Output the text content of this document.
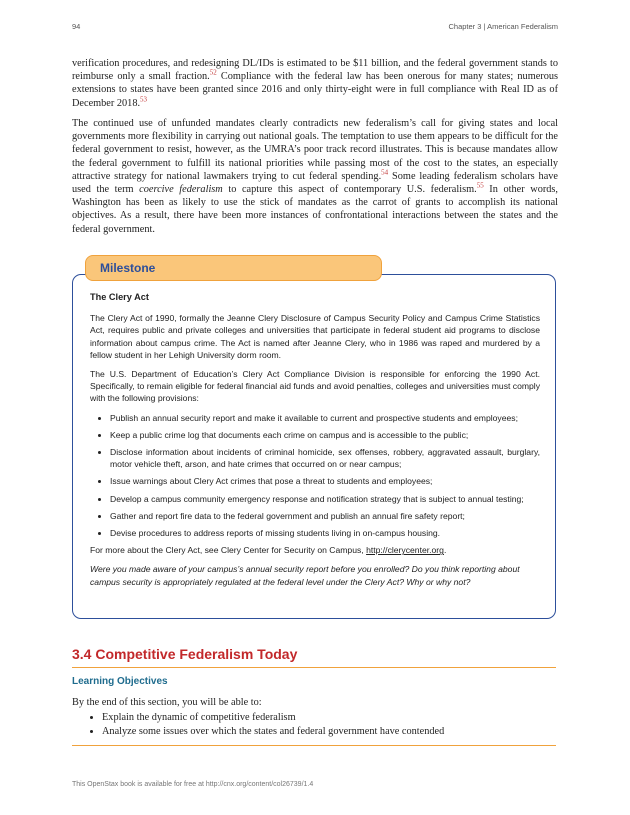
94	Chapter 3 | American Federalism

verification procedures, and redesigning DL/IDs is estimated to be $11 billion, and the federal government stands to reimburse only a small fraction.$^{52}$ Compliance with the federal law has been onerous for many states; numerous extensions to states have been granted since 2016 and only thirty-eight were in full compliance with Real ID as of December 2018.53

The continued use of unfunded mandates clearly contradicts new federalism’s call for giving states and local governments more flexibility in carrying out national goals. The temptation to use them appears to be difficult for the federal government to resist, however, as the UMRA’s poor track record illustrates. This is because mandates allow the federal government to fulfill its national priorities while passing most of the cost to the states, an especially attractive strategy for national lawmakers trying to cut federal spending.$^{54}$ Some leading federalism scholars have used the term coercive federalism to capture this aspect of contemporary U.S. federalism.$^{55}$ In other words, Washington has been as likely to use the stick of mandates as the carrot of grants to accomplish its national objectives. As a result, there have been more instances of confrontational interactions between the states and the federal government.

Milestone

The Clery Act

The Clery Act of 1990, formally the Jeanne Clery Disclosure of Campus Security Policy and Campus Crime Statistics Act, requires public and private colleges and universities that participate in federal student aid programs to disclose information about campus crime. The Act is named after Jeanne Clery, who in 1986 was raped and murdered by a fellow student in her Lehigh University dorm room.

The U.S. Department of Education’s Clery Act Compliance Division is responsible for enforcing the 1990 Act. Specifically, to remain eligible for federal financial aid funds and avoid penalties, colleges and universities must comply with the following provisions:

• Publish an annual security report and make it available to current and prospective students and employees;
• Keep a public crime log that documents each crime on campus and is accessible to the public;
• Disclose information about incidents of criminal homicide, sex offenses, robbery, aggravated assault, burglary, motor vehicle theft, arson, and hate crimes that occurred on or near campus;
• Issue warnings about Clery Act crimes that pose a threat to students and employees;
• Develop a campus community emergency response and notification strategy that is subject to annual testing;
• Gather and report fire data to the federal government and publish an annual fire safety report;
• Devise procedures to address reports of missing students living in on-campus housing.

For more about the Clery Act, see Clery Center for Security on Campus, http://clerycenter.org.

Were you made aware of your campus’s annual security report before you enrolled? Do you think reporting about campus security is appropriately regulated at the federal level under the Clery Act? Why or why not?

3.4 Competitive Federalism Today
Learning Objectives

By the end of this section, you will be able to:

• Explain the dynamic of competitive federalism
• Analyze some issues over which the states and federal government have contended
This OpenStax book is available for free at http://cnx.org/content/col26739/1.4
